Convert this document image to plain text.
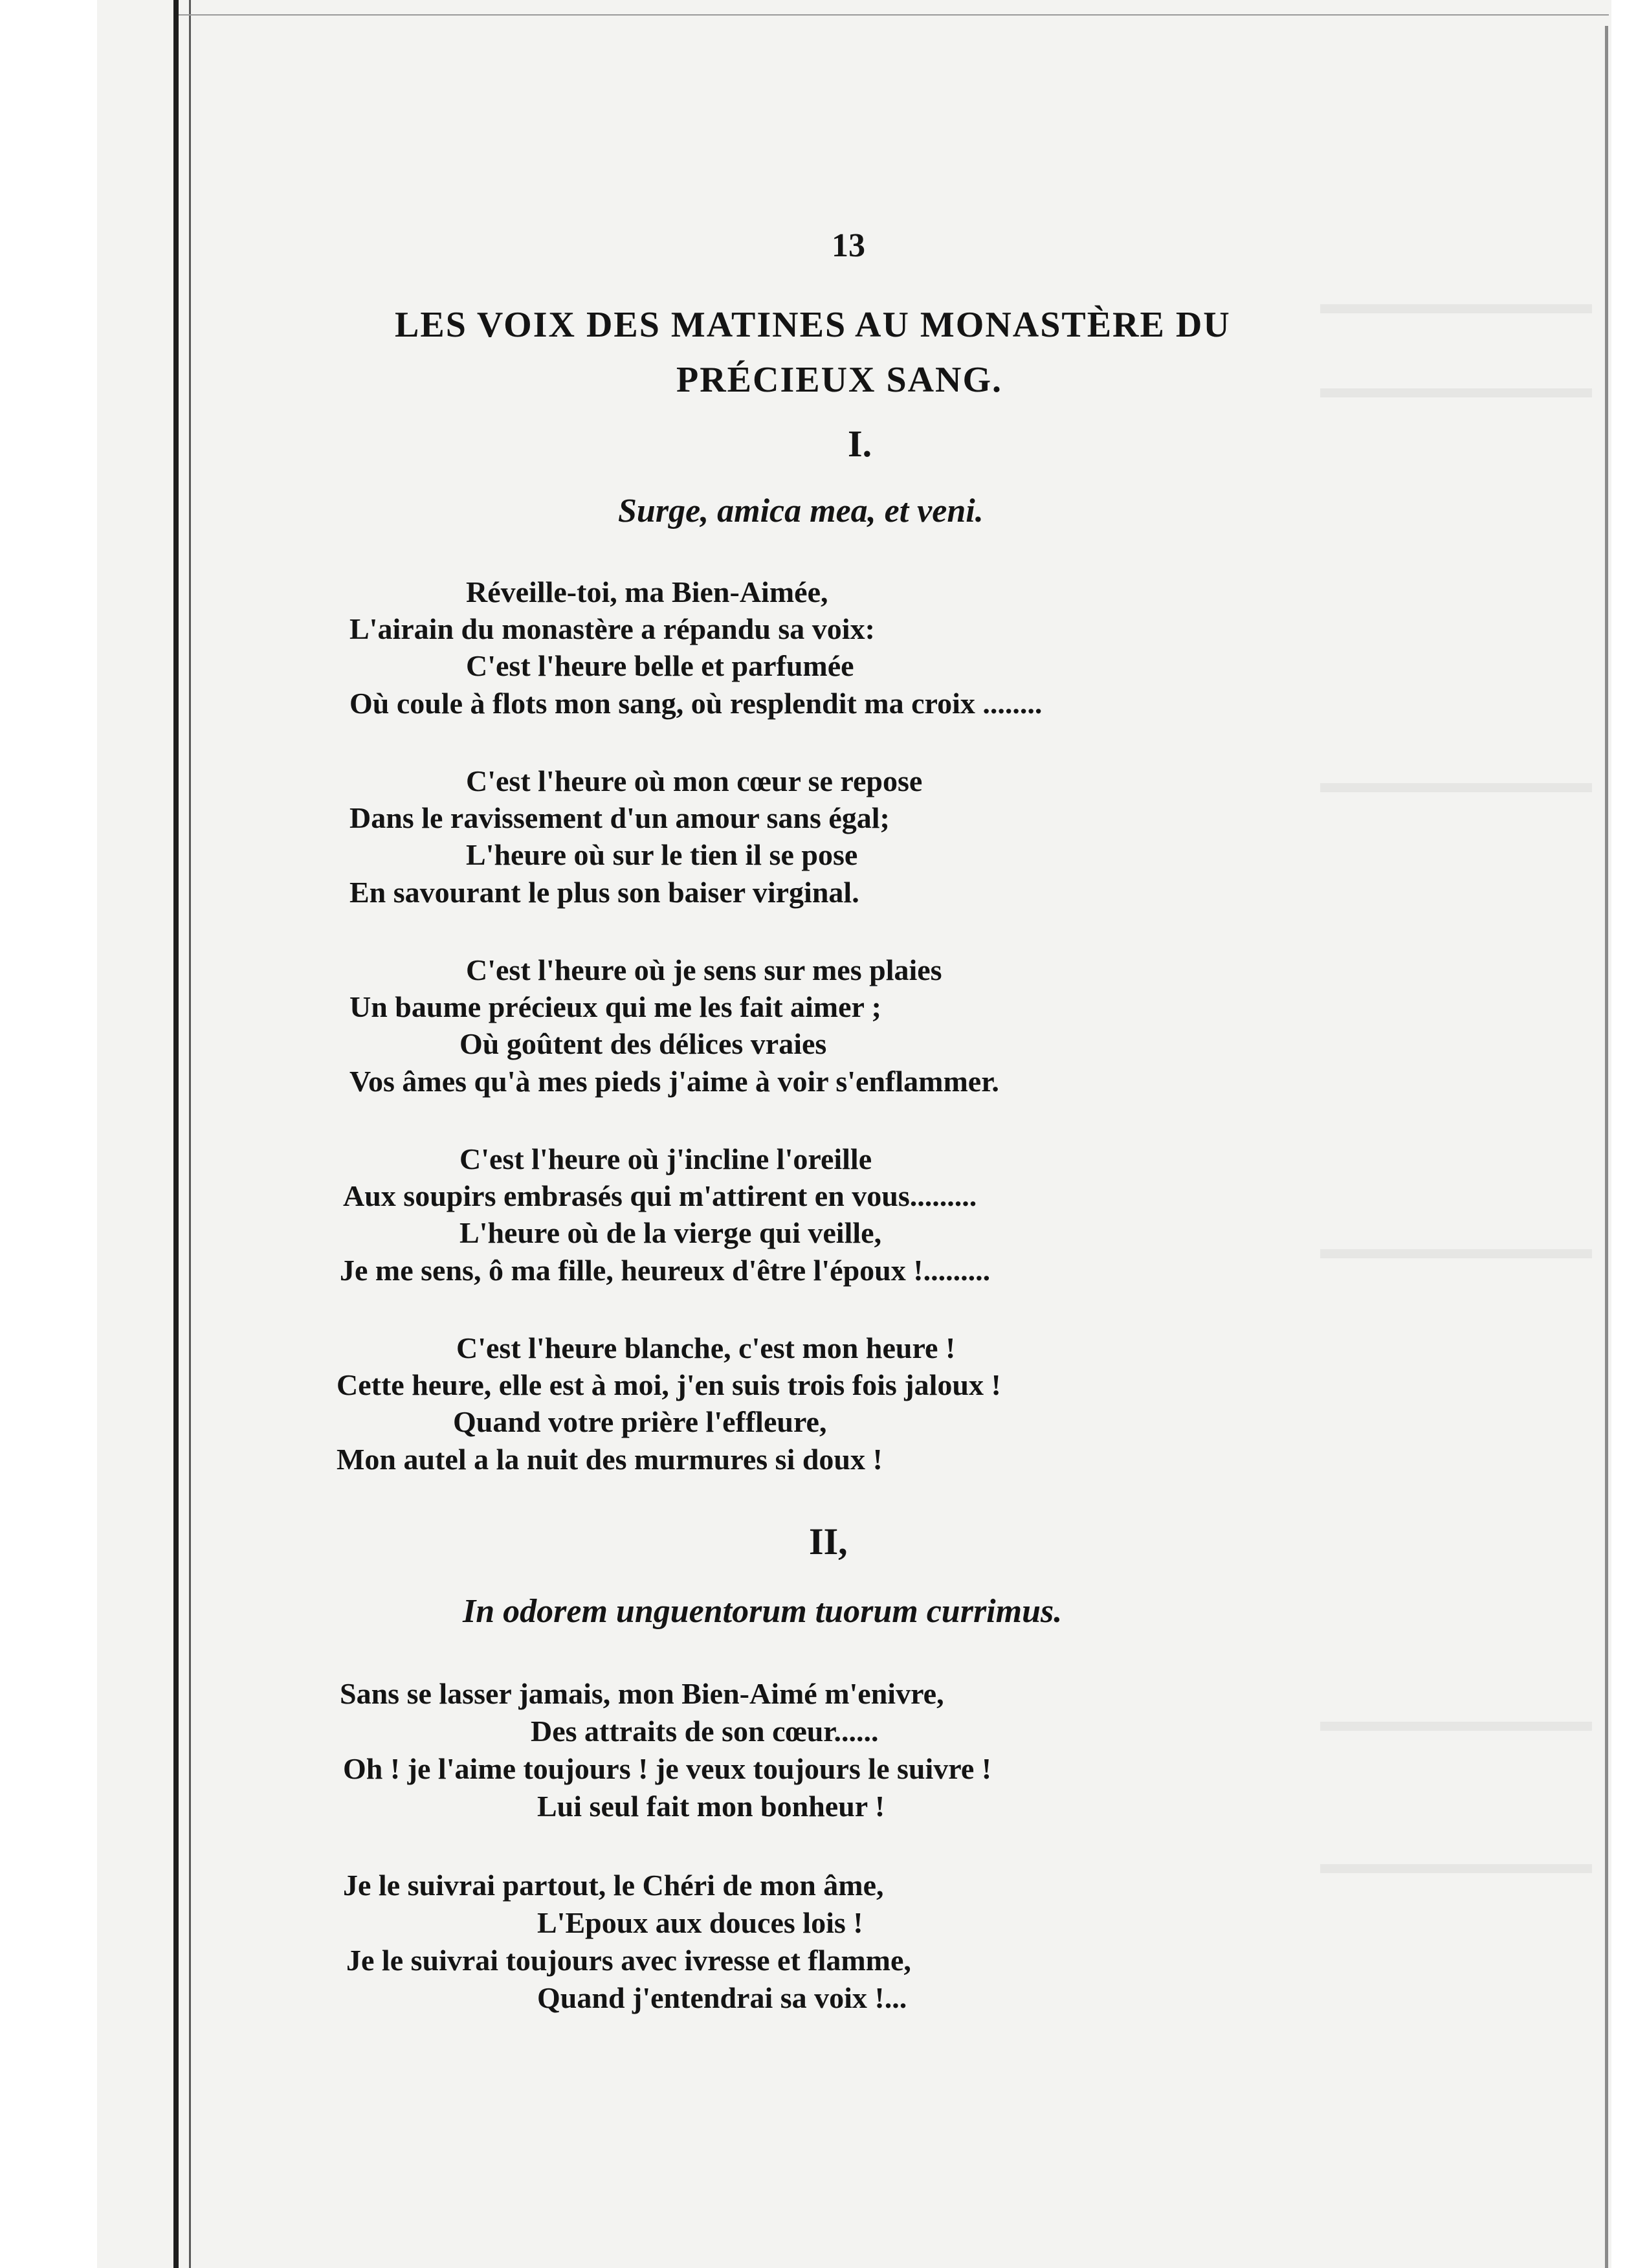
13
LES VOIX DES MATINES AU MONASTÈRE DU
PRÉCIEUX SANG.
I.
Surge, amica mea, et veni.
Réveille-toi, ma Bien-Aimée,
L'airain du monastère a répandu sa voix:
C'est l'heure belle et parfumée
Où coule à flots mon sang, où resplendit ma croix ........
C'est l'heure où mon cœur se repose
Dans le ravissement d'un amour sans égal;
L'heure où sur le tien il se pose
En savourant le plus son baiser virginal.
C'est l'heure où je sens sur mes plaies
Un baume précieux qui me les fait aimer ;
Où goûtent des délices vraies
Vos âmes qu'à mes pieds j'aime à voir s'enflammer.
C'est l'heure où j'incline l'oreille
Aux soupirs embrasés qui m'attirent en vous.........
L'heure où de la vierge qui veille,
Je me sens, ô ma fille, heureux d'être l'époux !.........
C'est l'heure blanche, c'est mon heure !
Cette heure, elle est à moi, j'en suis trois fois jaloux !
Quand votre prière l'effleure,
Mon autel a la nuit des murmures si doux !
II,
In odorem unguentorum tuorum currimus.
Sans se lasser jamais, mon Bien-Aimé m'enivre,
Des attraits de son cœur......
Oh ! je l'aime toujours ! je veux toujours le suivre !
Lui seul fait mon bonheur !
Je le suivrai partout, le Chéri de mon âme,
L'Epoux aux douces lois !
Je le suivrai toujours avec ivresse et flamme,
Quand j'entendrai sa voix !...
